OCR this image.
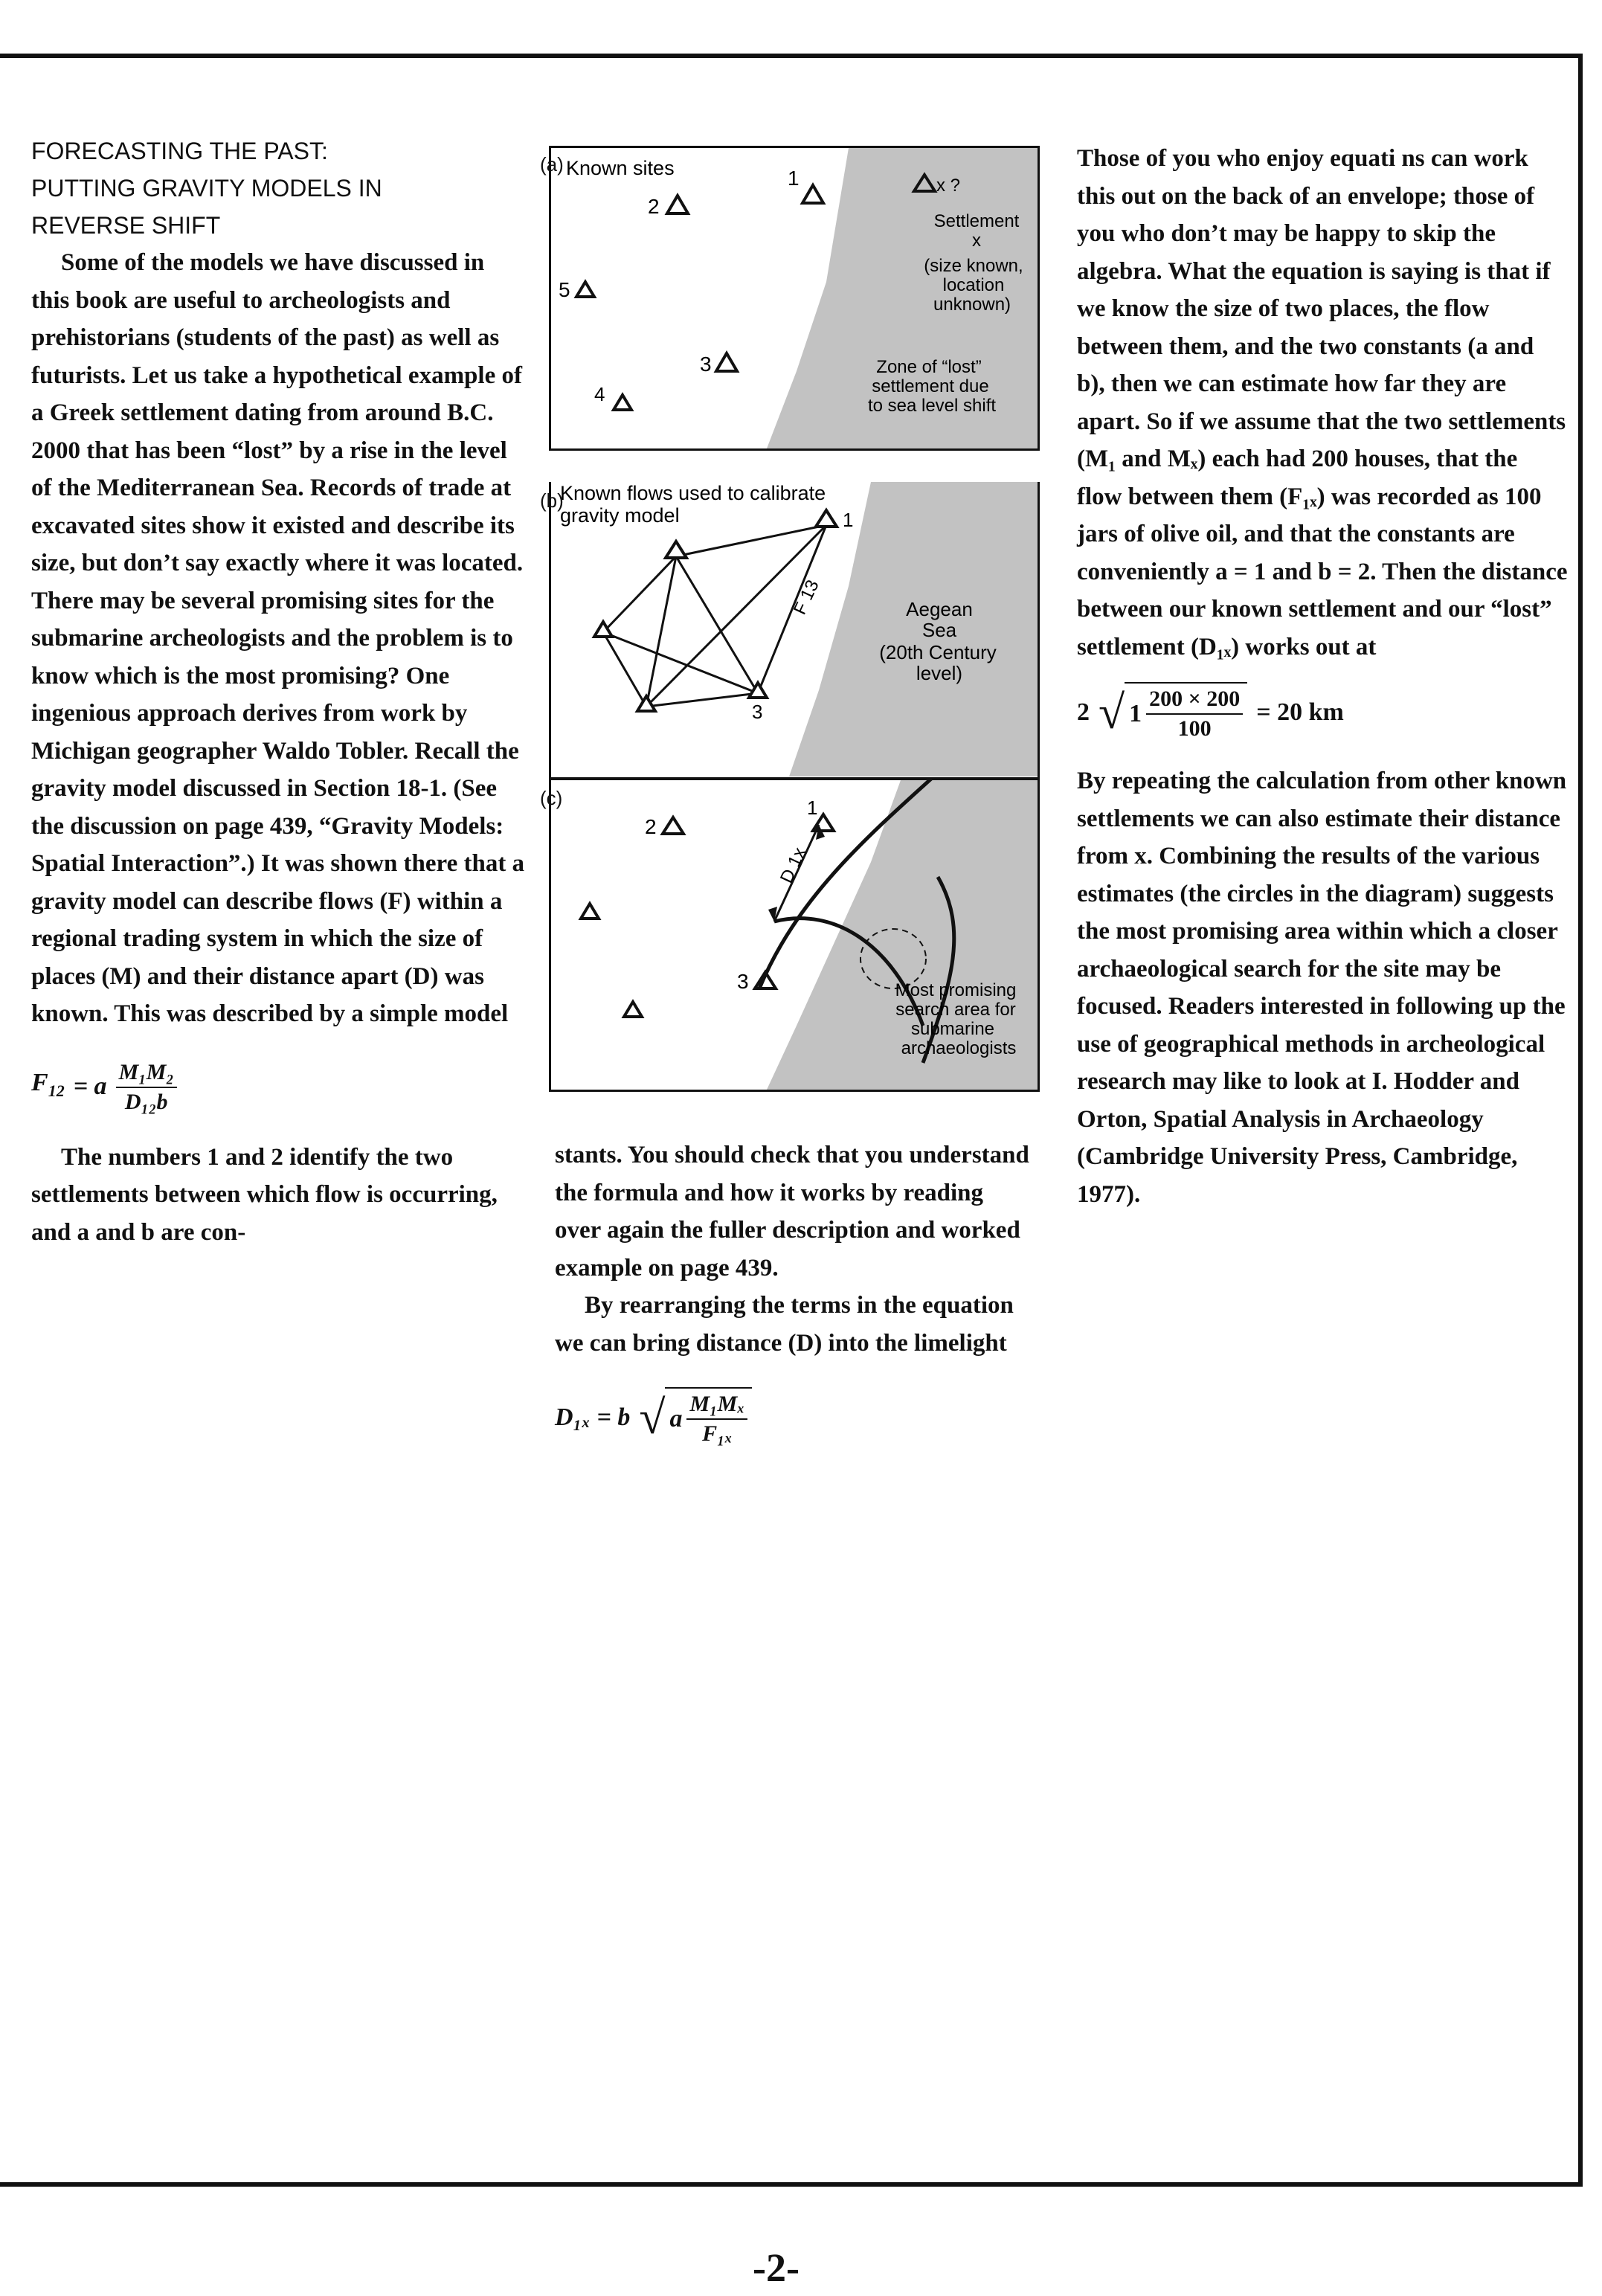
FORECASTING THE PAST:
PUTTING GRAVITY MODELS IN
REVERSE SHIFT

Some of the models we have discussed in this book are useful to archeologists and prehistorians (students of the past) as well as futurists. Let us take a hypothetical example of a Greek settlement dating from around B.C. 2000 that has been “lost” by a rise in the level of the Mediterranean Sea. Records of trade at excavated sites show it existed and describe its size, but don’t say exactly where it was located. There may be several promising sites for the submarine archeologists and the problem is to know which is the most promising? One ingenious approach derives from work by Michigan geographer Waldo Tobler. Recall the gravity model discussed in Section 18-1. (See the discussion on page 439, “Gravity Models: Spatial Interaction”.) It was shown there that a gravity model can describe flows (F) within a regional trading system in which the size of places (M) and their distance apart (D) was known. This was described by a simple model

$F_{12} = a \frac{\text{M₁M₂}}{\text{D₁₂b}}$

The numbers 1 and 2 identify the two settlements between which flow is occurring, and a and b are con-

Known sites
2
1	x ?
5
3
4
Settlement
x
(size known,
location
unknown)
Zone of “lost”
settlement due
to sea level shift
(a)
Known flows used to calibrate
gravity model	1
3
F 13	Aegean
Sea
(20th Century
level)
(b)
D 1x
1
2
3	Most promising
search area for
submarine
archaeologists
(c)

stants. You should check that you understand the formula and how it works by reading over again the fuller description and worked example on page 439.

By rearranging the terms in the equation we can bring distance (D) into the limelight

D₁ₓ = b √ a $\frac{\text{M₁Mₓ}}{\text{F₁ₓ}}$

Those of you who enjoy equati ns can work this out on the back of an envelope; those of you who don’t may be happy to skip the algebra. What the equation is saying is that if we know the size of two places, the flow between them, and the two constants (a and b), then we can estimate how far they are apart. So if we assume that the two settlements (M₁ and Mₓ) each had 200 houses, that the flow between them (F₁ₓ) was recorded as 100 jars of olive oil, and that the constants are conveniently a = 1 and b = 2. Then the distance between our known settlement and our “lost” settlement (D₁ₓ) works out at

2 √ $1 \frac{200 \times 200}{100} = 20$ km

By repeating the calculation from other known settlements we can also estimate their distance from x. Combining the results of the various estimates (the circles in the diagram) suggests the most promising area within which a closer archaeological search for the site may be focused. Readers interested in following up the use of geographical methods in archeological research may like to look at I. Hodder and Orton, Spatial Analysis in Archaeology (Cambridge University Press, Cambridge, 1977).

-2-
